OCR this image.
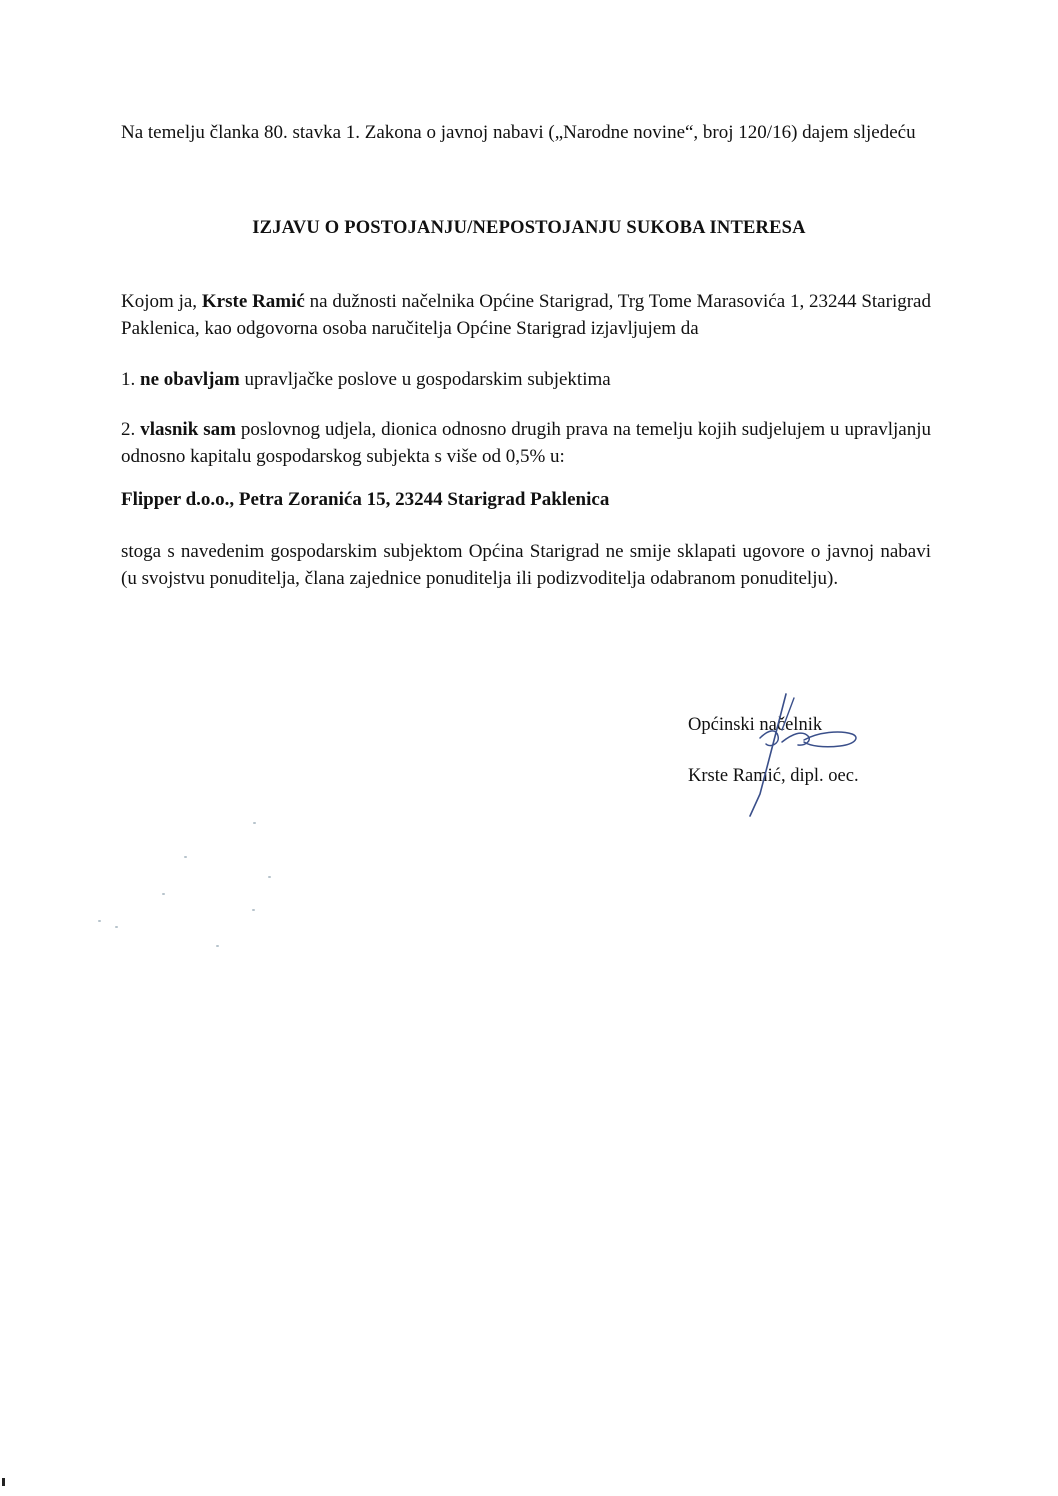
Na temelju članka 80. stavka 1. Zakona o javnoj nabavi („Narodne novine“, broj 120/16) dajem sljedeću
IZJAVU O POSTOJANJU/NEPOSTOJANJU SUKOBA INTERESA
Kojom ja, Krste Ramić na dužnosti načelnika Općine Starigrad, Trg Tome Marasovića 1, 23244 Starigrad Paklenica, kao odgovorna osoba naručitelja Općine Starigrad izjavljujem da
1. ne obavljam upravljačke poslove u gospodarskim subjektima
2. vlasnik sam poslovnog udjela, dionica odnosno drugih prava na temelju kojih sudjelujem u upravljanju odnosno kapitalu gospodarskog subjekta s više od 0,5% u:
Flipper d.o.o., Petra Zoranića 15, 23244 Starigrad Paklenica
stoga s navedenim gospodarskim subjektom Općina Starigrad ne smije sklapati ugovore o javnoj nabavi (u svojstvu ponuditelja, člana zajednice ponuditelja ili podizvoditelja odabranom ponuditelju).
Općinski načelnik
Krste Ramić, dipl. oec.
